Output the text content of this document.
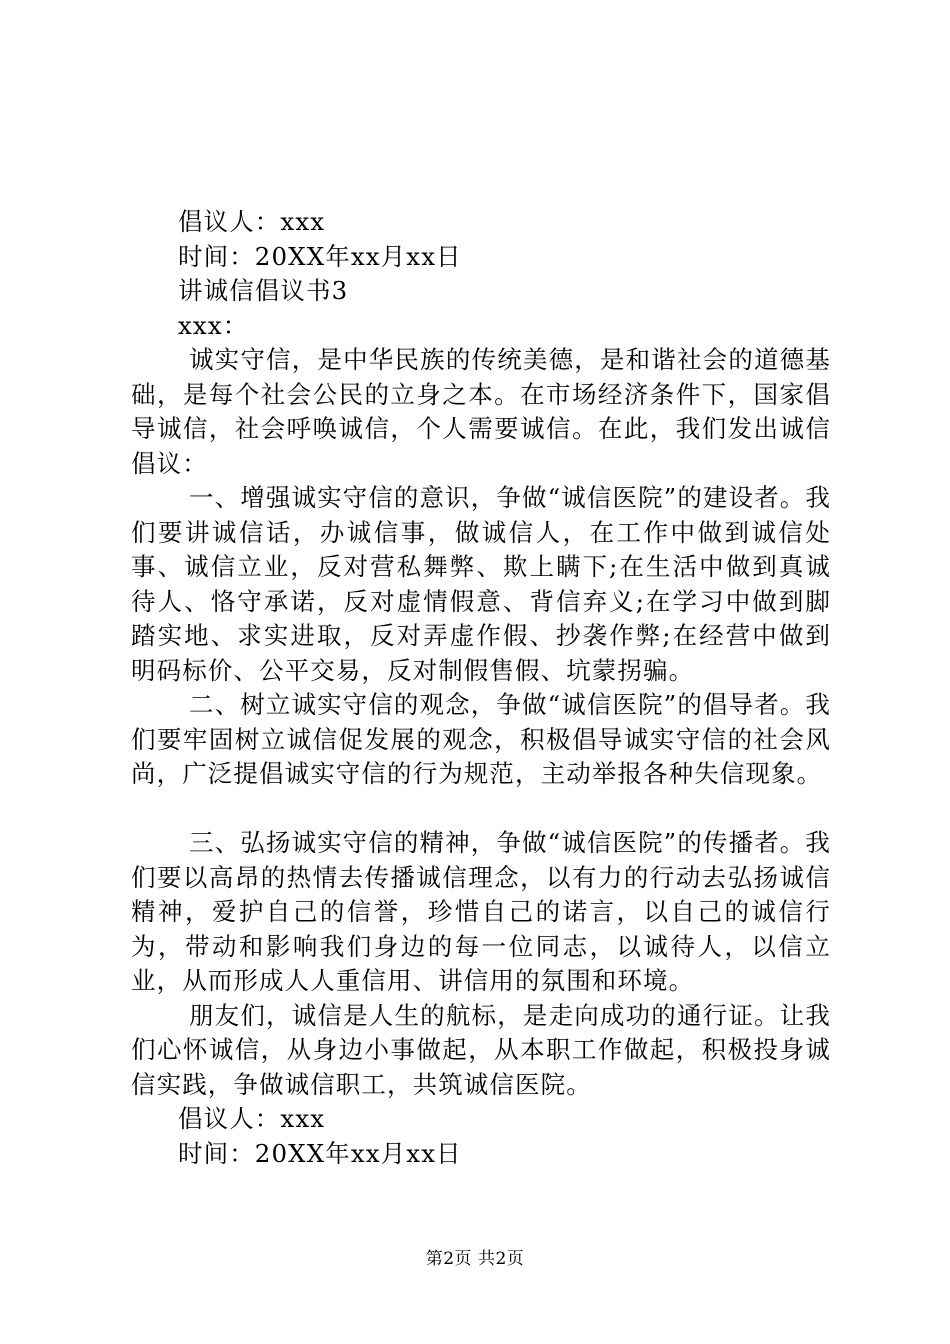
倡议人：xxx

时间：20XX年xx月xx日

讲诚信倡议书3

xxx：

诚实守信，是中华民族的传统美德，是和谐社会的道德基础，是每个社会公民的立身之本。在市场经济条件下，国家倡导诚信，社会呼唤诚信，个人需要诚信。在此，我们发出诚信倡议：

一、增强诚实守信的意识，争做“诚信医院”的建设者。我们要讲诚信话，办诚信事，做诚信人，在工作中做到诚信处事、诚信立业，反对营私舞弊、欺上瞒下;在生活中做到真诚待人、恪守承诺，反对虚情假意、背信弃义;在学习中做到脚踏实地、求实进取，反对弄虚作假、抄袭作弊;在经营中做到明码标价、公平交易，反对制假售假、坑蒙拐骗。

二、树立诚实守信的观念，争做“诚信医院”的倡导者。我们要牢固树立诚信促发展的观念，积极倡导诚实守信的社会风尚，广泛提倡诚实守信的行为规范，主动举报各种失信现象。

三、弘扬诚实守信的精神，争做“诚信医院”的传播者。我们要以高昂的热情去传播诚信理念，以有力的行动去弘扬诚信精神，爱护自己的信誉，珍惜自己的诺言，以自己的诚信行为，带动和影响我们身边的每一位同志，以诚待人，以信立业，从而形成人人重信用、讲信用的氛围和环境。

朋友们，诚信是人生的航标，是走向成功的通行证。让我们心怀诚信，从身边小事做起，从本职工作做起，积极投身诚信实践，争做诚信职工，共筑诚信医院。

倡议人：xxx

时间：20XX年xx月xx日

第2页 共2页
